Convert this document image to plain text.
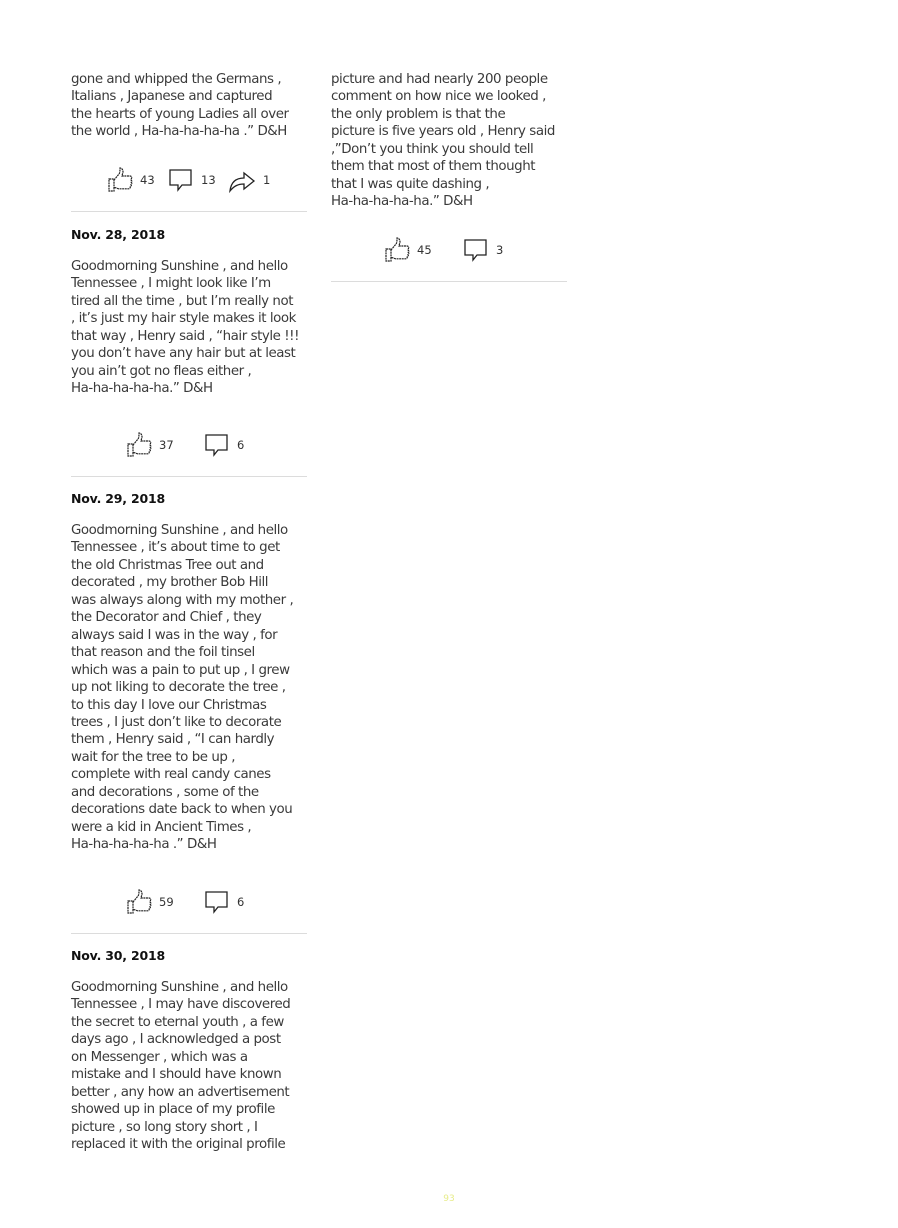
gone and whipped the Germans ,
Italians , Japanese and captured
the hearts of young Ladies all over
the world , Ha-ha-ha-ha-ha .” D&H

43	13	1

Nov. 28, 2018

Goodmorning Sunshine , and hello
Tennessee , I might look like I’m
tired all the time , but I’m really not
, it’s just my hair style makes it look
that way , Henry said , “hair style !!!
you don’t have any hair but at least
you ain’t got no fleas either ,
Ha-ha-ha-ha-ha.” D&H

37	6

Nov. 29, 2018

Goodmorning Sunshine , and hello
Tennessee , it’s about time to get
the old Christmas Tree out and
decorated , my brother Bob Hill
was always along with my mother ,
the Decorator and Chief , they
always said I was in the way , for
that reason and the foil tinsel
which was a pain to put up , I grew
up not liking to decorate the tree ,
to this day I love our Christmas
trees , I just don’t like to decorate
them , Henry said , “I can hardly
wait for the tree to be up ,
complete with real candy canes
and decorations , some of the
decorations date back to when you
were a kid in Ancient Times ,
Ha-ha-ha-ha-ha .” D&H

59	6

Nov. 30, 2018

Goodmorning Sunshine , and hello
Tennessee , I may have discovered
the secret to eternal youth , a few
days ago , I acknowledged a post
on Messenger , which was a
mistake and I should have known
better , any how an advertisement
showed up in place of my profile
picture , so long story short , I
replaced it with the original profile

picture and had nearly 200 people
comment on how nice we looked ,
the only problem is that the
picture is five years old , Henry said
,”Don’t you think you should tell
them that most of them thought
that I was quite dashing ,
Ha-ha-ha-ha-ha.” D&H

45	3
93
